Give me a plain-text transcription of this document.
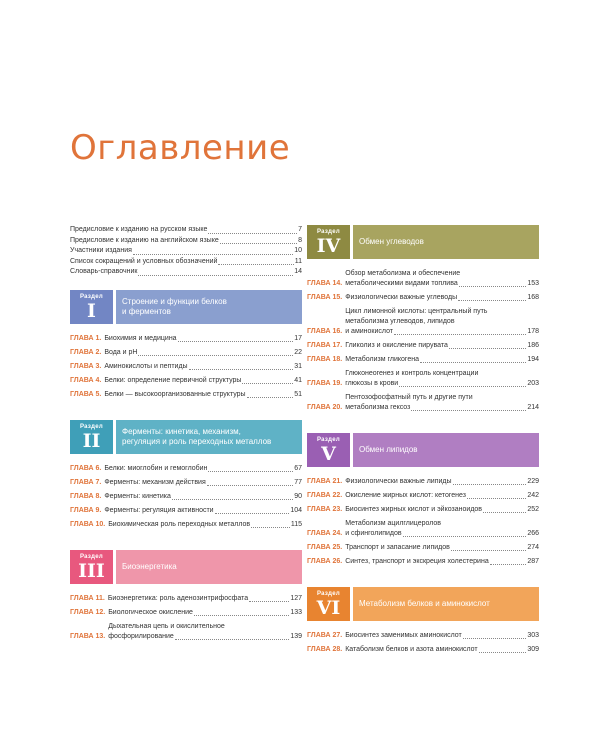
Оглавление
Предисловие к изданию на русском языке	7
Предисловие к изданию на английском языке	8
Участники издания	10
Список сокращений и условных обозначений	11
Словарь-справочник	14
Раздел
I	Строение и функции белков
и ферментов
ГЛАВА 1. Биохимия и медицина	17
ГЛАВА 2. Вода и pH	22
ГЛАВА 3. Аминокислоты и пептиды	31
ГЛАВА 4. Белки: определение первичной структуры	41
ГЛАВА 5. Белки — высокоорганизованные структуры	51
Раздел
II	Ферменты: кинетика, механизм,
регуляция и роль переходных металлов
ГЛАВА 6. Белки: миоглобин и гемоглобин	67
ГЛАВА 7. Ферменты: механизм действия	77
ГЛАВА 8. Ферменты: кинетика	90
ГЛАВА 9. Ферменты: регуляция активности	104
ГЛАВА 10. Биохимическая роль переходных металлов	115
Раздел
III	Биоэнергетика
ГЛАВА 11. Биоэнергетика: роль аденозинтрифосфата	127
ГЛАВА 12. Биологическое окисление	133
ГЛАВА 13.
Дыхательная цепь и окислительное
фосфорилирование	139
Раздел
IV	Обмен углеводов
ГЛАВА 14.
Обзор метаболизма и обеспечение
метаболическими видами топлива	153
ГЛАВА 15. Физиологически важные углеводы	168
ГЛАВА 16.
Цикл лимонной кислоты: центральный путь
метаболизма углеводов, липидов
и аминокислот	178
ГЛАВА 17. Гликолиз и окисление пирувата	186
ГЛАВА 18. Метаболизм гликогена	194
ГЛАВА 19.
Глюконеогенез и контроль концентрации
глюкозы в крови	203
ГЛАВА 20.
Пентозофосфатный путь и другие пути
метаболизма гексоз	214
Раздел
V	Обмен липидов
ГЛАВА 21. Физиологически важные липиды	229
ГЛАВА 22. Окисление жирных кислот: кетогенез	242
ГЛАВА 23. Биосинтез жирных кислот и эйкозаноидов	252
ГЛАВА 24.
Метаболизм ацилглицеролов
и сфинголипидов	266
ГЛАВА 25. Транспорт и запасание липидов	274
ГЛАВА 26. Синтез, транспорт и экскреция холестерина	287
Раздел
VI	Метаболизм белков и аминокислот
ГЛАВА 27. Биосинтез заменимых аминокислот	303
ГЛАВА 28. Катаболизм белков и азота аминокислот	309
